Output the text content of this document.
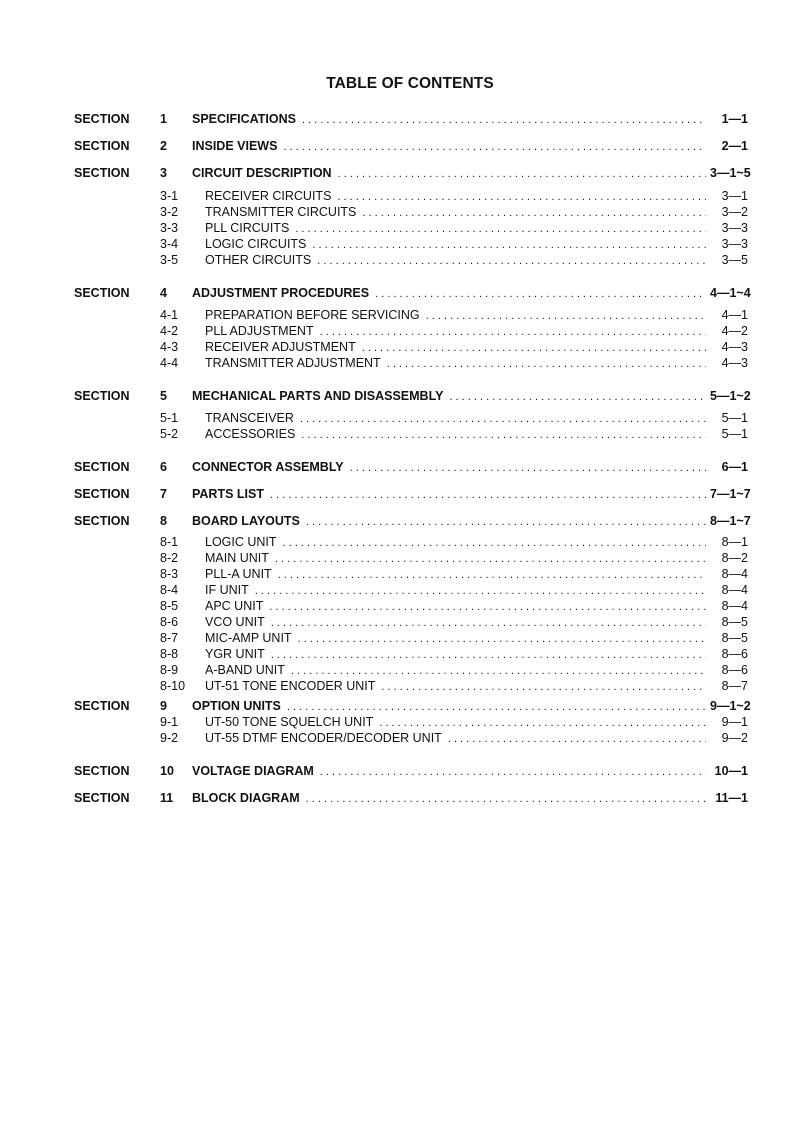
TABLE OF CONTENTS
SECTION 1 SPECIFICATIONS . . .	1—1
SECTION 2 INSIDE VIEWS . . .	2—1
SECTION 3 CIRCUIT DESCRIPTION . . .	3—1~5
3-1 RECEIVER CIRCUITS . . .	3—1
3-2 TRANSMITTER CIRCUITS . . .	3—2
3-3 PLL CIRCUITS . . .	3—3
3-4 LOGIC CIRCUITS . . .	3—3
3-5 OTHER CIRCUITS . . .	3—5
SECTION 4 ADJUSTMENT PROCEDURES . . .	4—1~4
4-1 PREPARATION BEFORE SERVICING . . .	4—1
4-2 PLL ADJUSTMENT . . .	4—2
4-3 RECEIVER ADJUSTMENT . . .	4—3
4-4 TRANSMITTER ADJUSTMENT . . .	4—3
SECTION 5 MECHANICAL PARTS AND DISASSEMBLY . . .	5—1~2
5-1 TRANSCEIVER . . .	5—1
5-2 ACCESSORIES . . .	5—1
SECTION 6 CONNECTOR ASSEMBLY . . .	6—1
SECTION 7 PARTS LIST . . .	7—1~7
SECTION 8 BOARD LAYOUTS . . .	8—1~7
8-1 LOGIC UNIT . . .	8—1
8-2 MAIN UNIT . . .	8—2
8-3 PLL-A UNIT . . .	8—4
8-4 IF UNIT . . .	8—4
8-5 APC UNIT . . .	8—4
8-6 VCO UNIT . . .	8—5
8-7 MIC-AMP UNIT . . .	8—5
8-8 YGR UNIT . . .	8—6
8-9 A-BAND UNIT . . .	8—6
8-10 UT-51 TONE ENCODER UNIT . . .	8—7
SECTION 9 OPTION UNITS . . .	9—1~2
9-1 UT-50 TONE SQUELCH UNIT . . .	9—1
9-2 UT-55 DTMF ENCODER/DECODER UNIT . . .	9—2
SECTION 10 VOLTAGE DIAGRAM . . .	10—1
SECTION 11 BLOCK DIAGRAM . . .	11—1
